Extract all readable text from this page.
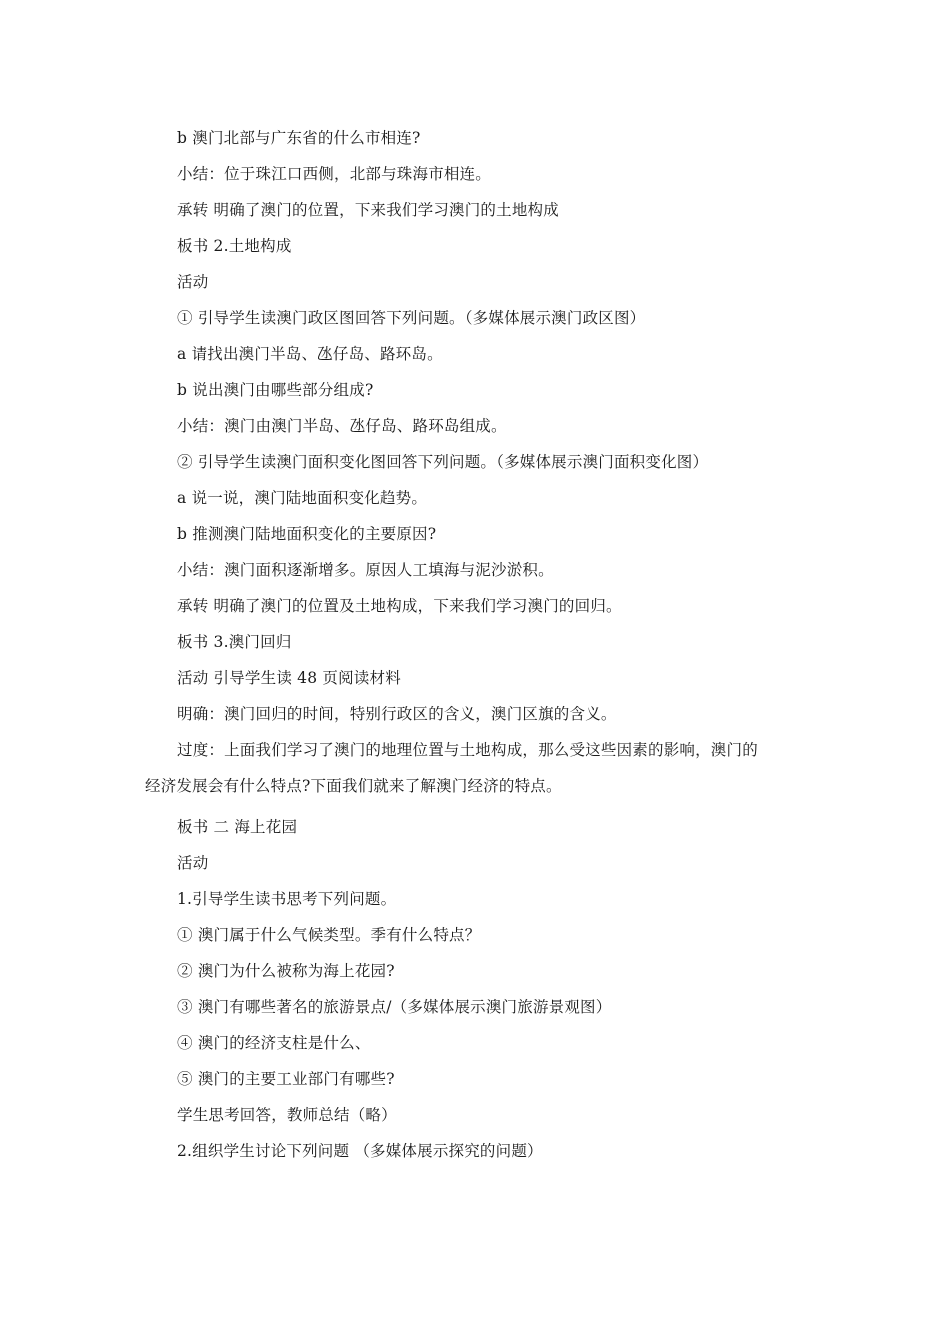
b 澳门北部与广东省的什么市相连?
小结：位于珠江口西侧，北部与珠海市相连。
承转 明确了澳门的位置，下来我们学习澳门的土地构成
板书 2.土地构成
活动
① 引导学生读澳门政区图回答下列问题。（多媒体展示澳门政区图）
a 请找出澳门半岛、氹仔岛、路环岛。
b 说出澳门由哪些部分组成?
小结：澳门由澳门半岛、氹仔岛、路环岛组成。
② 引导学生读澳门面积变化图回答下列问题。（多媒体展示澳门面积变化图）
a 说一说，澳门陆地面积变化趋势。
b 推测澳门陆地面积变化的主要原因?
小结：澳门面积逐渐增多。原因人工填海与泥沙淤积。
承转 明确了澳门的位置及土地构成，下来我们学习澳门的回归。
板书 3.澳门回归
活动 引导学生读 48 页阅读材料
明确：澳门回归的时间，特别行政区的含义，澳门区旗的含义。
过度：上面我们学习了澳门的地理位置与土地构成，那么受这些因素的影响，澳门的
经济发展会有什么特点?下面我们就来了解澳门经济的特点。
板书 二 海上花园
活动
1.引导学生读书思考下列问题。
① 澳门属于什么气候类型。季有什么特点？
② 澳门为什么被称为海上花园?
③ 澳门有哪些著名的旅游景点/（多媒体展示澳门旅游景观图）
④ 澳门的经济支柱是什么、
⑤ 澳门的主要工业部门有哪些?
学生思考回答，教师总结（略）
2.组织学生讨论下列问题 （多媒体展示探究的问题）
